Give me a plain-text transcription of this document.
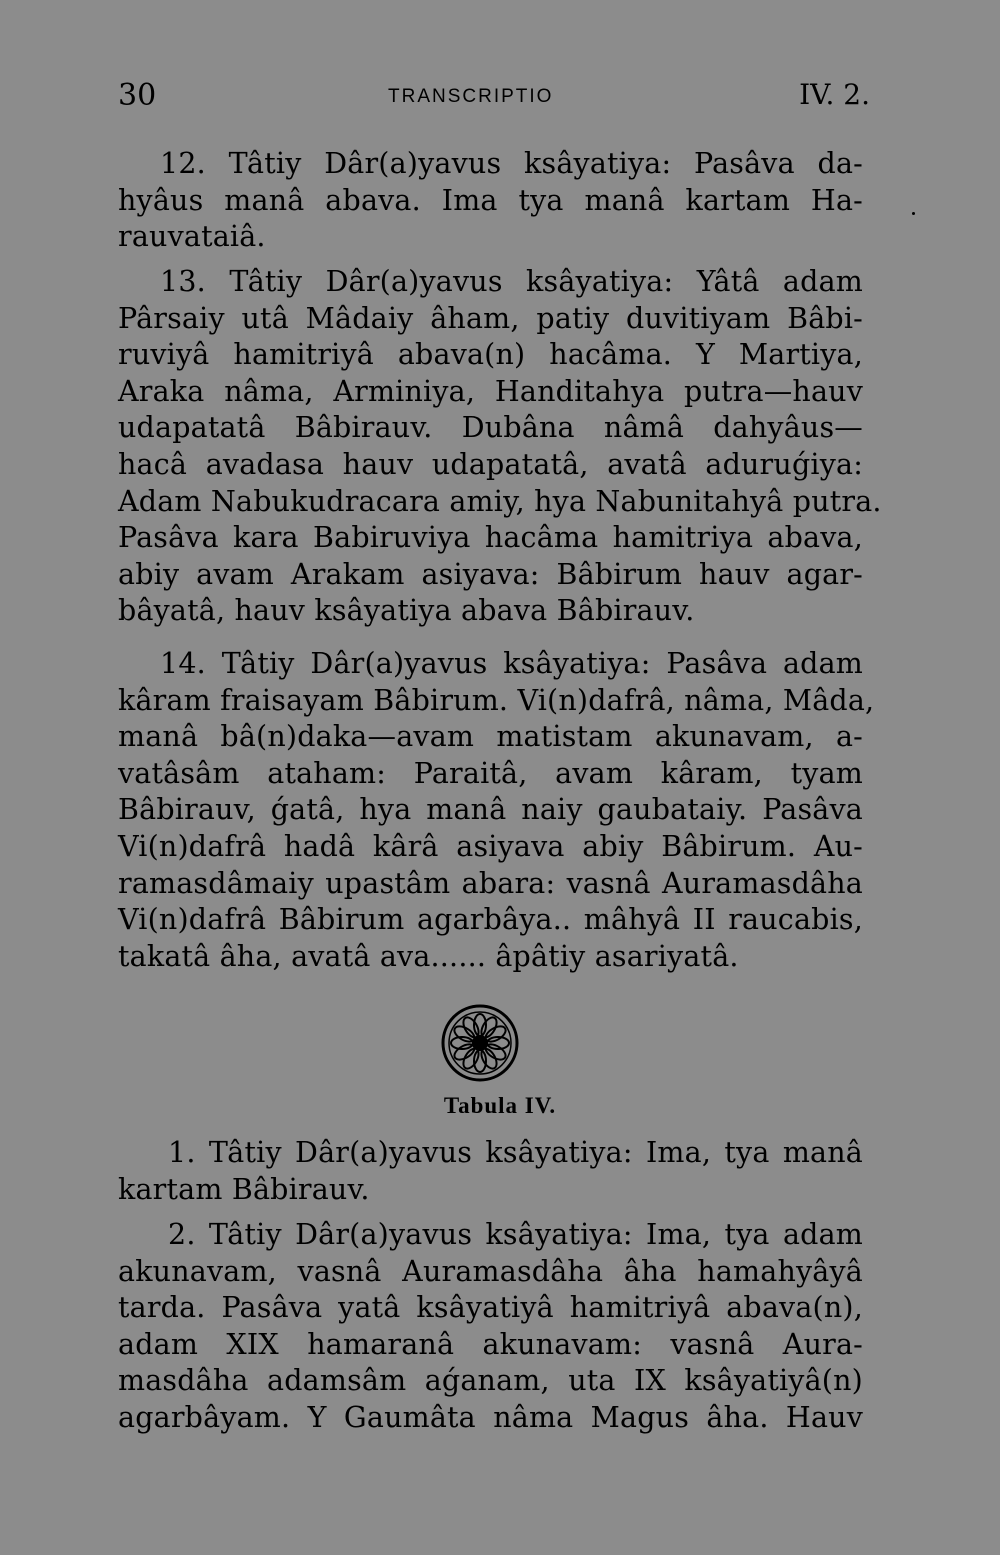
30	TRANSCRIPTIO	IV. 2.
12. Tâtiy Dâr(a)yavus ksâyatiya: Pasâva da-
hyâus manâ abava. Ima tya manâ kartam Ha-
rauvataiâ.
13. Tâtiy Dâr(a)yavus ksâyatiya: Yâtâ adam
Pârsaiy utâ Mâdaiy âham, patiy duvitiyam Bâbi-
ruviyâ hamitriyâ abava(n) hacâma. Y Martiya,
Araka nâma, Arminiya, Handitahya putra—hauv
udapatatâ Bâbirauv. Dubâna nâmâ dahyâus—
hacâ avadasa hauv udapatatâ, avatâ aduruǵiya:
Adam Nabukudracara amiy, hya Nabunitahyâ putra.
Pasâva kara Babiruviya hacâma hamitriya abava,
abiy avam Arakam asiyava: Bâbirum hauv agar-
bâyatâ, hauv ksâyatiya abava Bâbirauv.
14. Tâtiy Dâr(a)yavus ksâyatiya: Pasâva adam
kâram fraisayam Bâbirum. Vi(n)dafrâ, nâma, Mâda,
manâ bâ(n)daka—avam matistam akunavam, a-
vatâsâm ataham: Paraitâ, avam kâram, tyam
Bâbirauv, ǵatâ, hya manâ naiy gaubataiy. Pasâva
Vi(n)dafrâ hadâ kârâ asiyava abiy Bâbirum. Au-
ramasdâmaiy upastâm abara: vasnâ Auramasdâha
Vi(n)dafrâ Bâbirum agarbâya.. mâhyâ II raucabis,
takatâ âha, avatâ ava...... âpâtiy asariyatâ.
Tabula IV.
1. Tâtiy Dâr(a)yavus ksâyatiya: Ima, tya manâ
kartam Bâbirauv.
2. Tâtiy Dâr(a)yavus ksâyatiya: Ima, tya adam
akunavam, vasnâ Auramasdâha âha hamahyâyâ
tarda. Pasâva yatâ ksâyatiyâ hamitriyâ abava(n),
adam XIX hamaranâ akunavam: vasnâ Aura-
masdâha adamsâm aǵanam, uta IX ksâyatiyâ(n)
agarbâyam. Y Gaumâta nâma Magus âha. Hauv
